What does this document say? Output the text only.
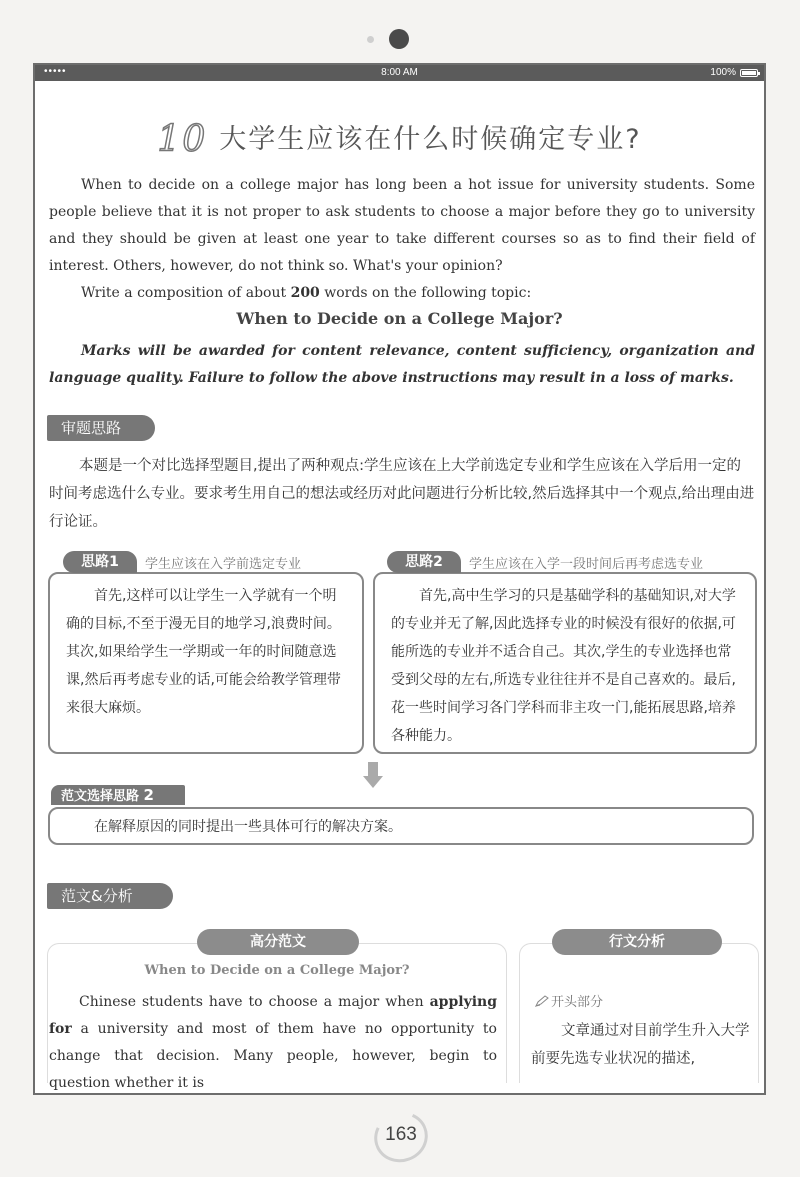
•••••	8:00 AM	100%
10 大学生应该在什么时候确定专业?

When to decide on a college major has long been a hot issue for university students. Some people believe that it is not proper to ask students to choose a major before they go to university and they should be given at least one year to take different courses so as to find their field of interest. Others, however, do not think so. What's your opinion?

Write a composition of about 200 words on the following topic:

When to Decide on a College Major?

Marks will be awarded for content relevance, content sufficiency, organization and language quality. Failure to follow the above instructions may result in a loss of marks.

审题思路

本题是一个对比选择型题目,提出了两种观点:学生应该在上大学前选定专业和学生应该在入学后用一定的时间考虑选什么专业。要求考生用自己的想法或经历对此问题进行分析比较,然后选择其中一个观点,给出理由进行论证。

首先,这样可以让学生一入学就有一个明确的目标,不至于漫无目的地学习,浪费时间。其次,如果给学生一学期或一年的时间随意选课,然后再考虑专业的话,可能会给教学管理带来很大麻烦。

思路1	学生应该在入学前选定专业

首先,高中生学习的只是基础学科的基础知识,对大学的专业并无了解,因此选择专业的时候没有很好的依据,可能所选的专业并不适合自己。其次,学生的专业选择也常受到父母的左右,所选专业往往并不是自己喜欢的。最后,花一些时间学习各门学科而非主攻一门,能拓展思路,培养各种能力。

思路2	学生应该在入学一段时间后再考虑选专业
范文选择思路 2

在解释原因的同时提出一些具体可行的解决方案。

范文&分析
高分范文	行文分析
When to Decide on a College Major?

Chinese students have to choose a major when applying for a university and most of them have no opportunity to change that decision. Many people, however, begin to question whether it is

开头部分

文章通过对目前学生升入大学前要先选专业状况的描述,

163
